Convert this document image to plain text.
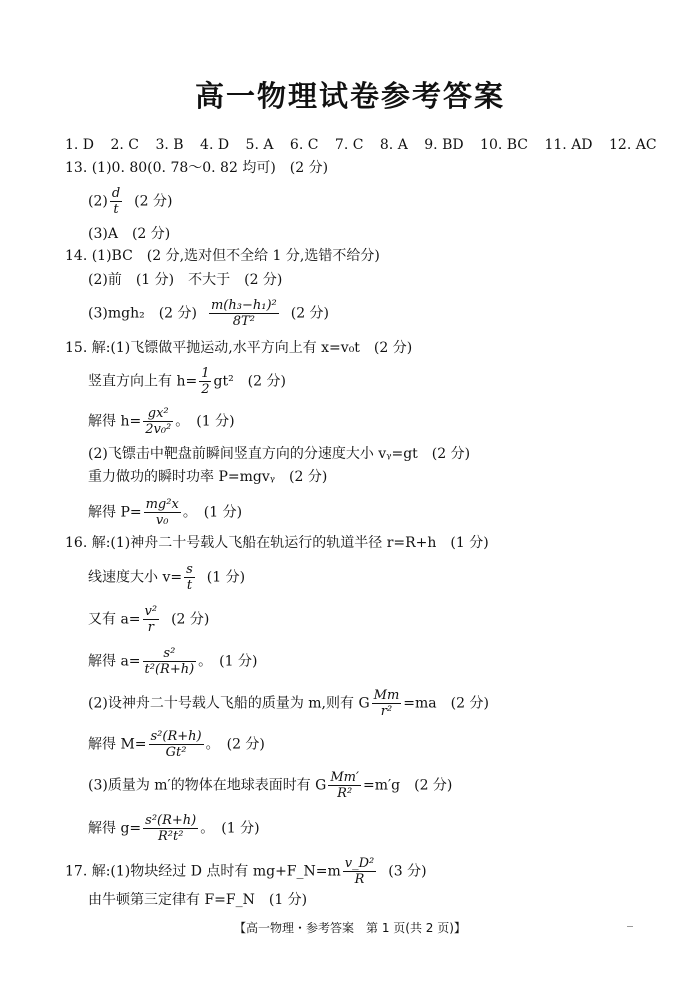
高一物理试卷参考答案
1. D 2. C 3. B 4. D 5. A 6. C 7. C 8. A 9. BD 10. BC 11. AD 12. AC
13. (1)0. 80(0. 78～0. 82 均可)　(2 分)
$(2) \frac{d}{t} (2$ 分)
(3)A　(2 分)
14. (1)BC　(2 分,选对但不全给 1 分,选错不给分)
(2)前　(1 分)　不大于　(2 分)
(3)mgh₂　(2 分) $\frac{\text{m(h₃−h₁)²}}{\text{8T²}} (2$ 分)
15. 解:(1)飞镖做平抛运动,水平方向上有 x=v₀t　(2 分)
竖直方向上有 $h= \frac{1}{2} gt^2$　(2 分)
解得 $h= \frac{\text{gx²}}{\text{2v₀²}}$ 。　(1 分)
(2)飞镖击中靶盘前瞬间竖直方向的分速度大小 vᵧ=gt　(2 分)
重力做功的瞬时功率 P=mgvᵧ　(2 分)
解得 $P= \frac{\text{mg²x}}{\text{v₀}}$ 。　(1 分)
16. 解:(1)神舟二十号载人飞船在轨运行的轨道半径 r=R+h　(1 分)
线速度大小 $v= \frac{s}{t} (1$ 分)
又有 $a= \frac{\text{v²}}{r} (2$ 分)
解得 $a= \frac{\text{s²}}{\text{t²(R+h)}}$ 。　(1 分)
(2)设神舟二十号载人飞船的质量为 m,则有 G $\frac{Mm}{\text{r²}} =ma$　(2 分)
解得 $M= \frac{\text{s²(R+h)}}{\text{Gt²}}$ 。　(2 分)
(3)质量为 m′的物体在地球表面时有 G $\frac{Mm'}{\text{R²}} =m'g$　(2 分)
解得 $g= \frac{\text{s²(R+h)}}{\text{R²t²}}$ 。　(1 分)
17. 解:(1)物块经过 D 点时有 mg+F_N=m $\frac{\text{v\_D²}}{R} (3$ 分)
由牛顿第三定律有 F=F_N　(1 分)
【高一物理・参考答案　第 1 页(共 2 页)】
